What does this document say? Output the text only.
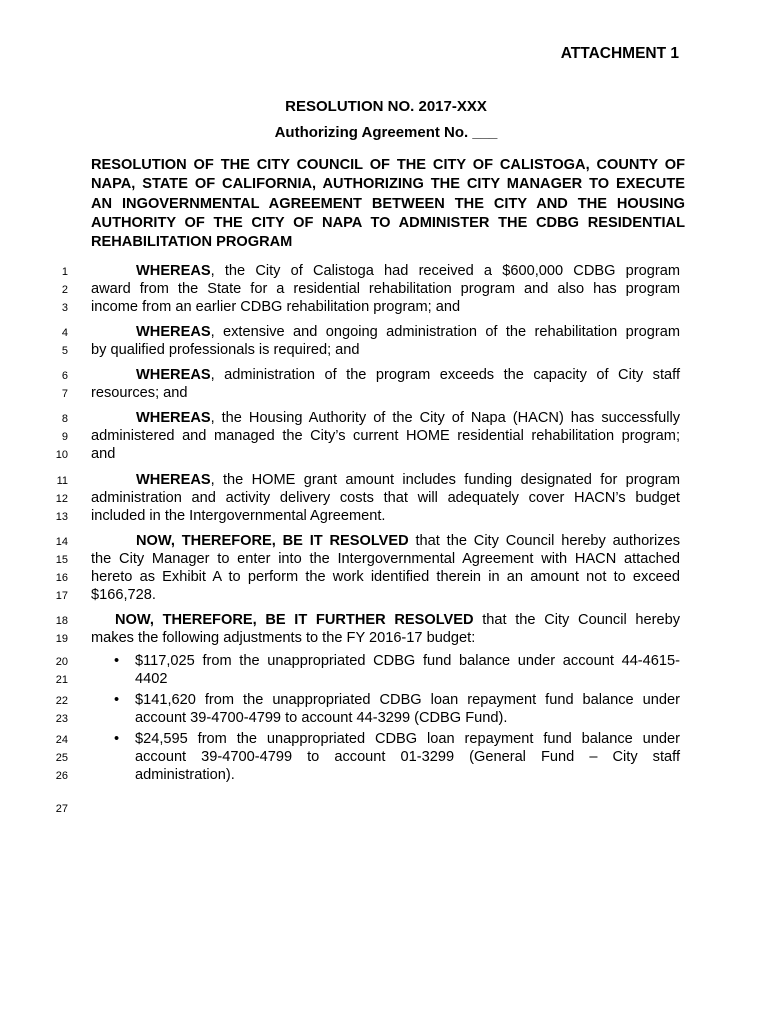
ATTACHMENT 1
RESOLUTION NO. 2017-XXX
Authorizing Agreement No. ___
RESOLUTION OF THE CITY COUNCIL OF THE CITY OF CALISTOGA, COUNTY OF
NAPA, STATE OF CALIFORNIA, AUTHORIZING THE CITY MANAGER TO EXECUTE
AN INGOVERNMENTAL AGREEMENT BETWEEN THE CITY AND THE HOUSING
AUTHORITY OF THE CITY OF NAPA TO ADMINISTER THE CDBG RESIDENTIAL
REHABILITATION PROGRAM
1
2
3
4
5
6
7
8
9
10
11
12
13
14
15
16
17
18
19
20
21
22
23
24
25
26
27
WHEREAS, the City of Calistoga had received a $600,000 CDBG program
award from the State for a residential rehabilitation program and also has program
income from an earlier CDBG rehabilitation program; and
WHEREAS, extensive and ongoing administration of the rehabilitation program
by qualified professionals is required; and
WHEREAS, administration of the program exceeds the capacity of City staff
resources; and
WHEREAS, the Housing Authority of the City of Napa (HACN) has successfully
administered and managed the City’s current HOME residential rehabilitation program;
and
WHEREAS, the HOME grant amount includes funding designated for program
administration and activity delivery costs that will adequately cover HACN’s budget
included in the Intergovernmental Agreement.
NOW, THEREFORE, BE IT RESOLVED that the City Council hereby authorizes
the City Manager to enter into the Intergovernmental Agreement with HACN attached
hereto as Exhibit A to perform the work identified therein in an amount not to exceed
$166,728.
NOW, THEREFORE, BE IT FURTHER RESOLVED that the City Council hereby
makes the following adjustments to the FY 2016-17 budget:
• $117,025 from the unappropriated CDBG fund balance under account 44-4615-
4402
• $141,620 from the unappropriated CDBG loan repayment fund balance under
account 39-4700-4799 to account 44-3299 (CDBG Fund).
• $24,595 from the unappropriated CDBG loan repayment fund balance under
account 39-4700-4799 to account 01-3299 (General Fund – City staff
administration).
